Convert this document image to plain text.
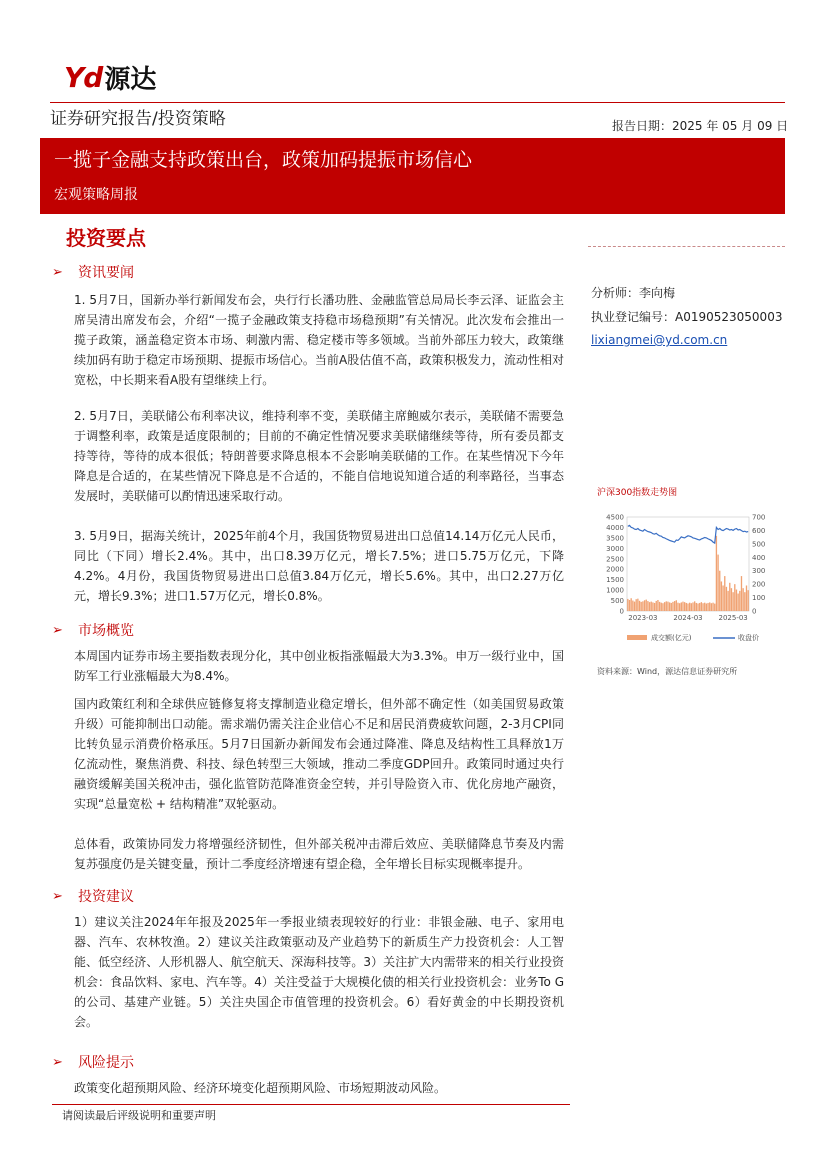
Yd 源达
证券研究报告/投资策略	报告日期：2025 年 05 月 09 日
一揽子金融支持政策出台，政策加码提振市场信心
宏观策略周报
投资要点
➢	资讯要闻
1. 5月7日，国新办举行新闻发布会，央行行长潘功胜、金融监管总局局长李云泽、证监会主席吴清出席发布会，介绍“一揽子金融政策支持稳市场稳预期”有关情况。此次发布会推出一揽子政策，涵盖稳定资本市场、刺激内需、稳定楼市等多领域。当前外部压力较大，政策继续加码有助于稳定市场预期、提振市场信心。当前A股估值不高，政策积极发力，流动性相对宽松，中长期来看A股有望继续上行。
2. 5月7日，美联储公布利率决议，维持利率不变，美联储主席鲍威尔表示，美联储不需要急于调整利率，政策是适度限制的；目前的不确定性情况要求美联储继续等待，所有委员都支持等待，等待的成本很低；特朗普要求降息根本不会影响美联储的工作。在某些情况下今年降息是合适的，在某些情况下降息是不合适的，不能自信地说知道合适的利率路径，当事态发展时，美联储可以酌情迅速采取行动。
3. 5月9日，据海关统计，2025年前4个月，我国货物贸易进出口总值14.14万亿元人民币，同比（下同）增长2.4%。其中，出口8.39万亿元，增长7.5%；进口5.75万亿元，下降4.2%。4月份，我国货物贸易进出口总值3.84万亿元，增长5.6%。其中，出口2.27万亿元，增长9.3%；进口1.57万亿元，增长0.8%。
➢	市场概览
本周国内证券市场主要指数表现分化，其中创业板指涨幅最大为3.3%。申万一级行业中，国防军工行业涨幅最大为8.4%。
国内政策红利和全球供应链修复将支撑制造业稳定增长，但外部不确定性（如美国贸易政策升级）可能抑制出口动能。需求端仍需关注企业信心不足和居民消费疲软问题，2-3月CPI同比转负显示消费价格承压。5月7日国新办新闻发布会通过降准、降息及结构性工具释放1万亿流动性，聚焦消费、科技、绿色转型三大领域，推动二季度GDP回升。政策同时通过央行融资缓解美国关税冲击，强化监管防范降准资金空转，并引导险资入市、优化房地产融资，实现“总量宽松 + 结构精准”双轮驱动。
总体看，政策协同发力将增强经济韧性，但外部关税冲击滞后效应、美联储降息节奏及内需复苏强度仍是关键变量，预计二季度经济增速有望企稳，全年增长目标实现概率提升。
➢	投资建议
1）建议关注2024年年报及2025年一季报业绩表现较好的行业：非银金融、电子、家用电器、汽车、农林牧渔。2）建议关注政策驱动及产业趋势下的新质生产力投资机会：人工智能、低空经济、人形机器人、航空航天、深海科技等。3）关注扩大内需带来的相关行业投资机会：食品饮料、家电、汽车等。4）关注受益于大规模化债的相关行业投资机会：业务To G的公司、基建产业链。5）关注央国企市值管理的投资机会。6）看好黄金的中长期投资机会。
➢	风险提示
政策变化超预期风险、经济环境变化超预期风险、市场短期波动风险。
分析师：李向梅
执业登记编号：A0190523050003
lixiangmei@yd.com.cn
沪深300指数走势图
0
500
1000
1500
2000
2500
3000
3500
4000
4500
0
100
200
300
400
500
600
700
2023-03 2024-03 2025-03
成交额(亿元)	收盘价
资料来源：Wind，源达信息证券研究所
请阅读最后评级说明和重要声明
